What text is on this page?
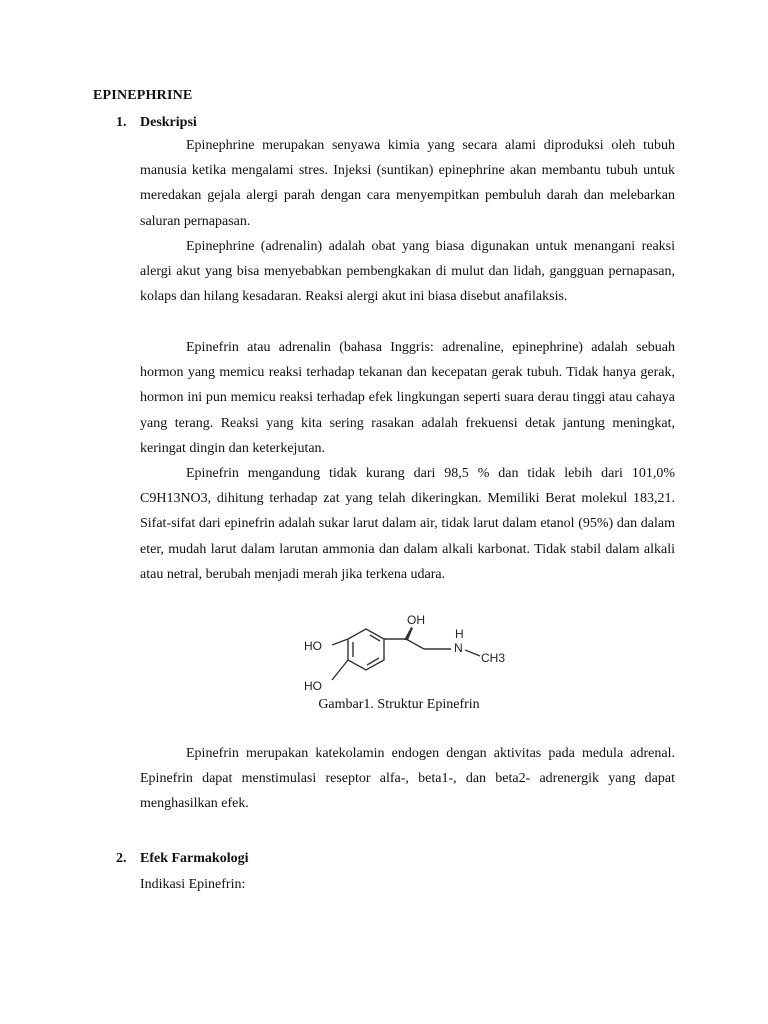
EPINEPHRINE
1. Deskripsi

Epinephrine merupakan senyawa kimia yang secara alami diproduksi oleh tubuh manusia ketika mengalami stres. Injeksi (suntikan) epinephrine akan membantu tubuh untuk meredakan gejala alergi parah dengan cara menyempitkan pembuluh darah dan melebarkan saluran pernapasan.

Epinephrine (adrenalin) adalah obat yang biasa digunakan untuk menangani reaksi alergi akut yang bisa menyebabkan pembengkakan di mulut dan lidah, gangguan pernapasan, kolaps dan hilang kesadaran. Reaksi alergi akut ini biasa disebut anafilaksis.

Epinefrin atau adrenalin (bahasa Inggris: adrenaline, epinephrine) adalah sebuah hormon yang memicu reaksi terhadap tekanan dan kecepatan gerak tubuh. Tidak hanya gerak, hormon ini pun memicu reaksi terhadap efek lingkungan seperti suara derau tinggi atau cahaya yang terang. Reaksi yang kita sering rasakan adalah frekuensi detak jantung meningkat, keringat dingin dan keterkejutan.

Epinefrin mengandung tidak kurang dari 98,5 % dan tidak lebih dari 101,0% C9H13NO3, dihitung terhadap zat yang telah dikeringkan. Memiliki Berat molekul 183,21. Sifat-sifat dari epinefrin adalah sukar larut dalam air, tidak larut dalam etanol (95%) dan dalam eter, mudah larut dalam larutan ammonia dan dalam alkali karbonat. Tidak stabil dalam alkali atau netral, berubah menjadi merah jika terkena udara.

HO
HO
OH
H
N
CH3
Gambar1. Struktur Epinefrin

Epinefrin merupakan katekolamin endogen dengan aktivitas pada medula adrenal. Epinefrin dapat menstimulasi reseptor alfa-, beta1-, dan beta2- adrenergik yang dapat menghasilkan efek.

2. Efek Farmakologi
Indikasi Epinefrin:
